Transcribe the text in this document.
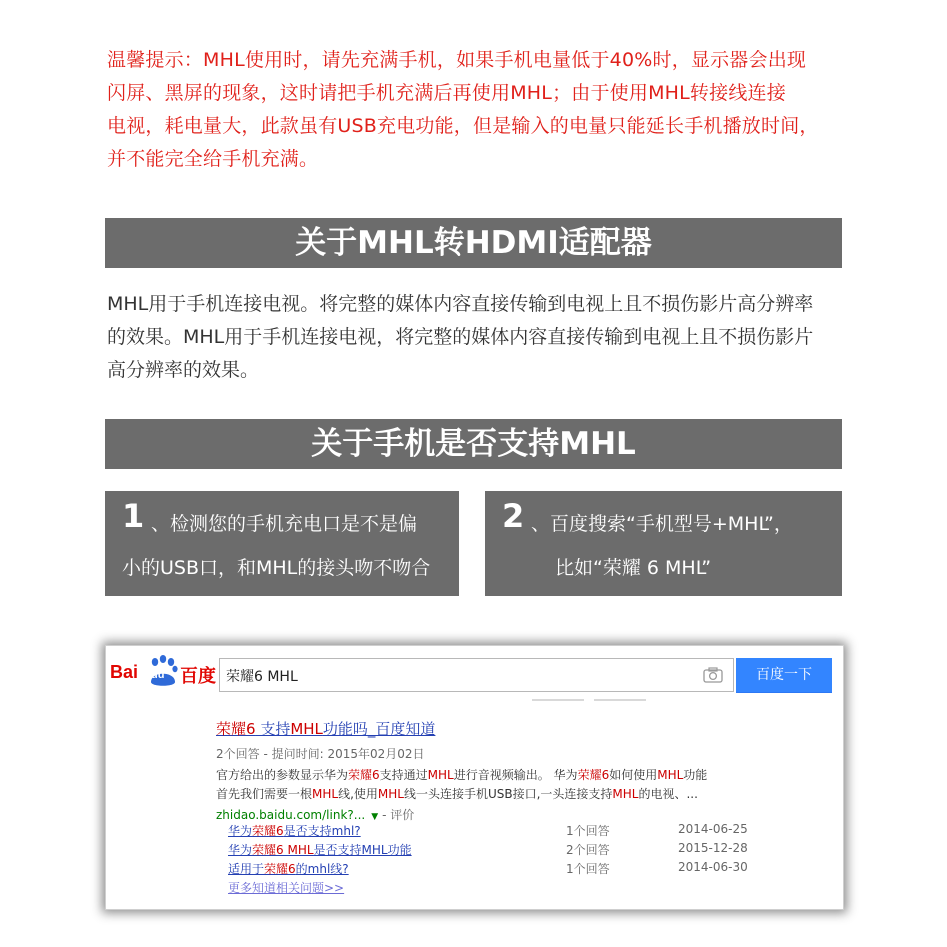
温馨提示：MHL使用时，请先充满手机，如果手机电量低于40%时，显示器会出现
闪屏、黑屏的现象，这时请把手机充满后再使用MHL；由于使用MHL转接线连接
电视，耗电量大，此款虽有USB充电功能，但是输入的电量只能延长手机播放时间，
并不能完全给手机充满。
关于MHL转HDMI适配器
MHL用于手机连接电视。将完整的媒体内容直接传输到电视上且不损伤影片高分辨率
的效果。MHL用于手机连接电视，将完整的媒体内容直接传输到电视上且不损伤影片
高分辨率的效果。
关于手机是否支持MHL
1 、检测您的手机充电口是不是偏
小的USB口，和MHL的接头吻不吻合
2 、百度搜索“手机型号+MHL”，
比如“荣耀 6 MHL”
Bai du 百度 荣耀6 MHL	百度一下
荣耀6 支持MHL功能吗_百度知道
2个回答 - 提问时间: 2015年02月02日
官方给出的参数显示华为荣耀6支持通过MHL进行音视频输出。 华为荣耀6如何使用MHL功能
首先我们需要一根MHL线,使用MHL线一头连接手机USB接口,一头连接支持MHL的电视、...
zhidao.baidu.com/link?... ▼ - 评价
华为荣耀6是否支持mhl?	1个回答	2014-06-25
华为荣耀6 MHL是否支持MHL功能	2个回答	2015-12-28
适用于荣耀6的mhl线?	1个回答	2014-06-30
更多知道相关问题>>
